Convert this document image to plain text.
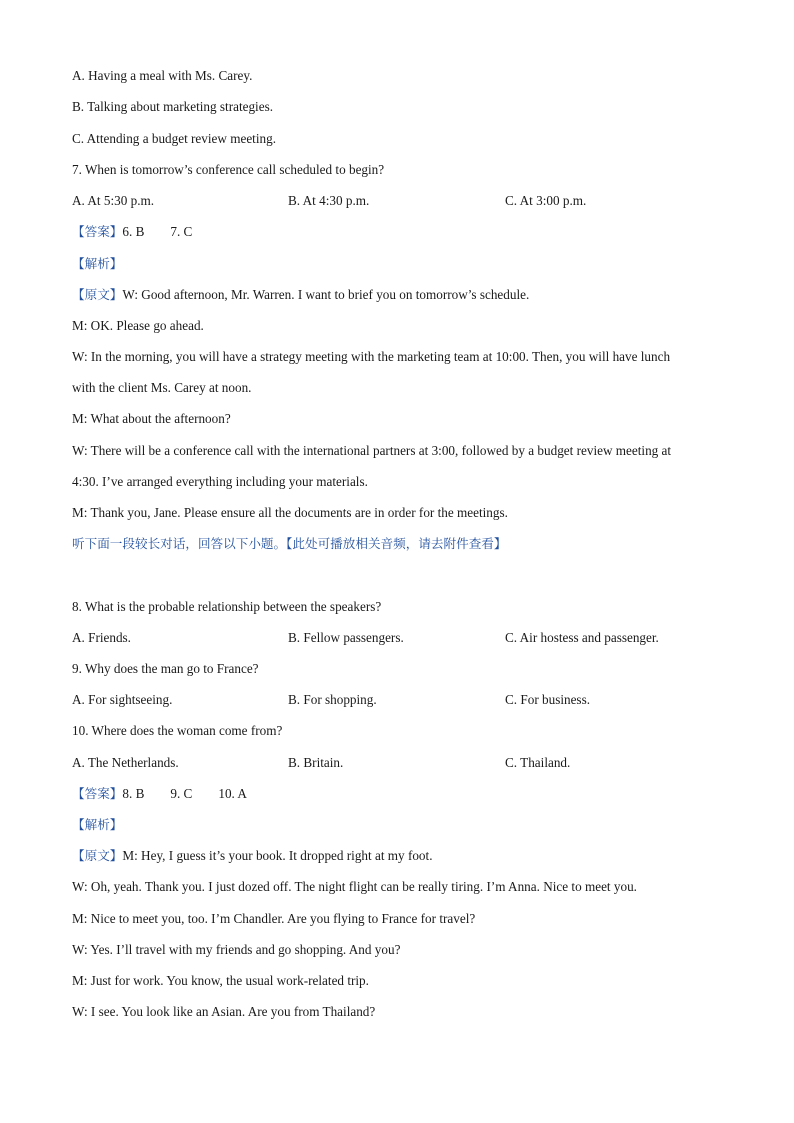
A. Having a meal with Ms. Carey.
B. Talking about marketing strategies.
C. Attending a budget review meeting.
7. When is tomorrow’s conference call scheduled to begin?
A. At 5:30 p.m.	B. At 4:30 p.m.	C. At 3:00 p.m.
【答案】6. B 7. C
【解析】
【原文】W: Good afternoon, Mr. Warren. I want to brief you on tomorrow’s schedule.
M: OK. Please go ahead.
W: In the morning, you will have a strategy meeting with the marketing team at 10:00. Then, you will have lunch
with the client Ms. Carey at noon.
M: What about the afternoon?
W: There will be a conference call with the international partners at 3:00, followed by a budget review meeting at
4:30. I’ve arranged everything including your materials.
M: Thank you, Jane. Please ensure all the documents are in order for the meetings.
听下面一段较长对话，回答以下小题。【此处可播放相关音频，请去附件查看】
8. What is the probable relationship between the speakers?
A. Friends.	B. Fellow passengers.	C. Air hostess and passenger.
9. Why does the man go to France?
A. For sightseeing.	B. For shopping.	C. For business.
10. Where does the woman come from?
A. The Netherlands.	B. Britain.	C. Thailand.
【答案】8. B 9. C 10. A
【解析】
【原文】M: Hey, I guess it’s your book. It dropped right at my foot.
W: Oh, yeah. Thank you. I just dozed off. The night flight can be really tiring. I’m Anna. Nice to meet you.
M: Nice to meet you, too. I’m Chandler. Are you flying to France for travel?
W: Yes. I’ll travel with my friends and go shopping. And you?
M: Just for work. You know, the usual work-related trip.
W: I see. You look like an Asian. Are you from Thailand?
